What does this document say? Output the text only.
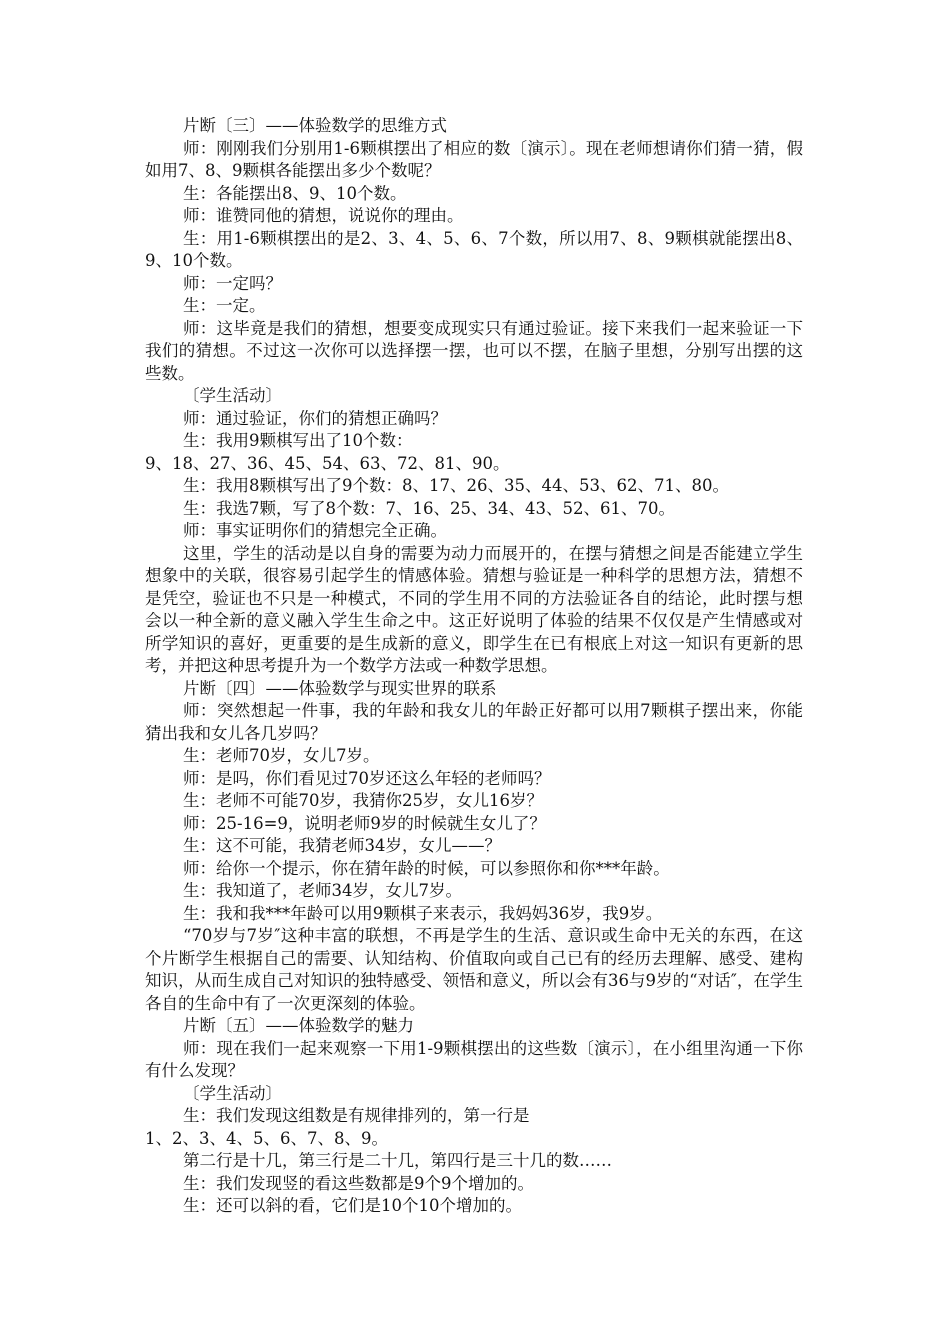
片断〔三〕——体验数学的思维方式

师：刚刚我们分别用1-6颗棋摆出了相应的数〔演示〕。现在老师想请你们猜一猜，假如用7、8、9颗棋各能摆出多少个数呢？

生：各能摆出8、9、10个数。

师：谁赞同他的猜想，说说你的理由。

生：用1-6颗棋摆出的是2、3、4、5、6、7个数，所以用7、8、9颗棋就能摆出8、9、10个数。

师：一定吗？

生：一定。

师：这毕竟是我们的猜想，想要变成现实只有通过验证。接下来我们一起来验证一下我们的猜想。不过这一次你可以选择摆一摆，也可以不摆，在脑子里想，分别写出摆的这些数。

〔学生活动〕

师：通过验证，你们的猜想正确吗？

生：我用9颗棋写出了10个数：

9、18、27、36、45、54、63、72、81、90。

生：我用8颗棋写出了9个数：8、17、26、35、44、53、62、71、80。

生：我选7颗，写了8个数：7、16、25、34、43、52、61、70。

师：事实证明你们的猜想完全正确。

这里，学生的活动是以自身的需要为动力而展开的，在摆与猜想之间是否能建立学生想象中的关联，很容易引起学生的情感体验。猜想与验证是一种科学的思想方法，猜想不是凭空，验证也不只是一种模式，不同的学生用不同的方法验证各自的结论，此时摆与想会以一种全新的意义融入学生生命之中。这正好说明了体验的结果不仅仅是产生情感或对所学知识的喜好，更重要的是生成新的意义，即学生在已有根底上对这一知识有更新的思考，并把这种思考提升为一个数学方法或一种数学思想。

片断〔四〕——体验数学与现实世界的联系

师：突然想起一件事，我的年龄和我女儿的年龄正好都可以用7颗棋子摆出来，你能猜出我和女儿各几岁吗？

生：老师70岁，女儿7岁。

师：是吗，你们看见过70岁还这么年轻的老师吗？

生：老师不可能70岁，我猜你25岁，女儿16岁？

师：25-16=9，说明老师9岁的时候就生女儿了？

生：这不可能，我猜老师34岁，女儿——？

师：给你一个提示，你在猜年龄的时候，可以参照你和你***年龄。

生：我知道了，老师34岁，女儿7岁。

生：我和我***年龄可以用9颗棋子来表示，我妈妈36岁，我9岁。

“70岁与7岁″这种丰富的联想，不再是学生的生活、意识或生命中无关的东西，在这个片断学生根据自己的需要、认知结构、价值取向或自己已有的经历去理解、感受、建构知识，从而生成自己对知识的独特感受、领悟和意义，所以会有36与9岁的“对话″，在学生各自的生命中有了一次更深刻的体验。

片断〔五〕——体验数学的魅力

师：现在我们一起来观察一下用1-9颗棋摆出的这些数〔演示〕，在小组里沟通一下你有什么发现？

〔学生活动〕

生：我们发现这组数是有规律排列的，第一行是

1、2、3、4、5、6、7、8、9。

第二行是十几，第三行是二十几，第四行是三十几的数……

生：我们发现竖的看这些数都是9个9个增加的。

生：还可以斜的看，它们是10个10个增加的。
